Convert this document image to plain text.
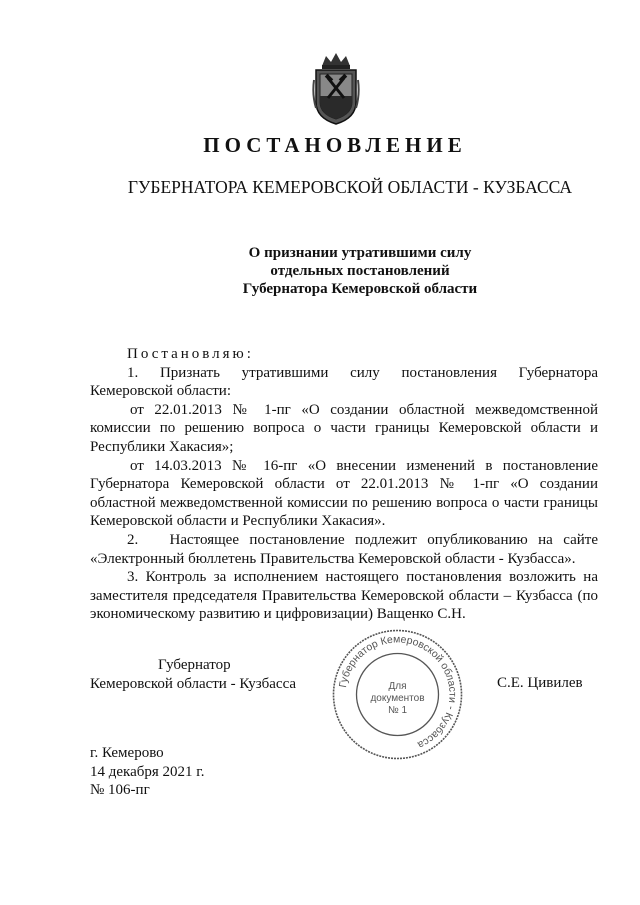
ПОСТАНОВЛЕНИЕ
ГУБЕРНАТОРА КЕМЕРОВСКОЙ ОБЛАСТИ - КУЗБАССА
О признании утратившими силу
отдельных постановлений
Губернатора Кемеровской области

Постановляю:

1.   Признать   утратившими   силу   постановления   Губернатора Кемеровской области:

от 22.01.2013 № 1-пг «О создании областной межведомственной комиссии по решению вопроса о части границы Кемеровской области и Республики Хакасия»;

от 14.03.2013 № 16-пг «О внесении изменений в постановление Губернатора Кемеровской области от 22.01.2013 № 1-пг «О создании областной межведомственной комиссии по решению вопроса о части границы Кемеровской области и Республики Хакасия».

2.   Настоящее постановление подлежит опубликованию на сайте «Электронный бюллетень Правительства Кемеровской области - Кузбасса».

3. Контроль за исполнением настоящего постановления возложить на заместителя председателя Правительства Кемеровской области – Кузбасса (по экономическому развитию и цифровизации) Ващенко С.Н.

Губернатор
Кемеровской области - Кузбасса	Губернатор Кемеровской области - Кузбасса
Для
документов
№ 1
С.Е. Цивилев
г. Кемерово
14 декабря 2021 г.
№ 106-пг
